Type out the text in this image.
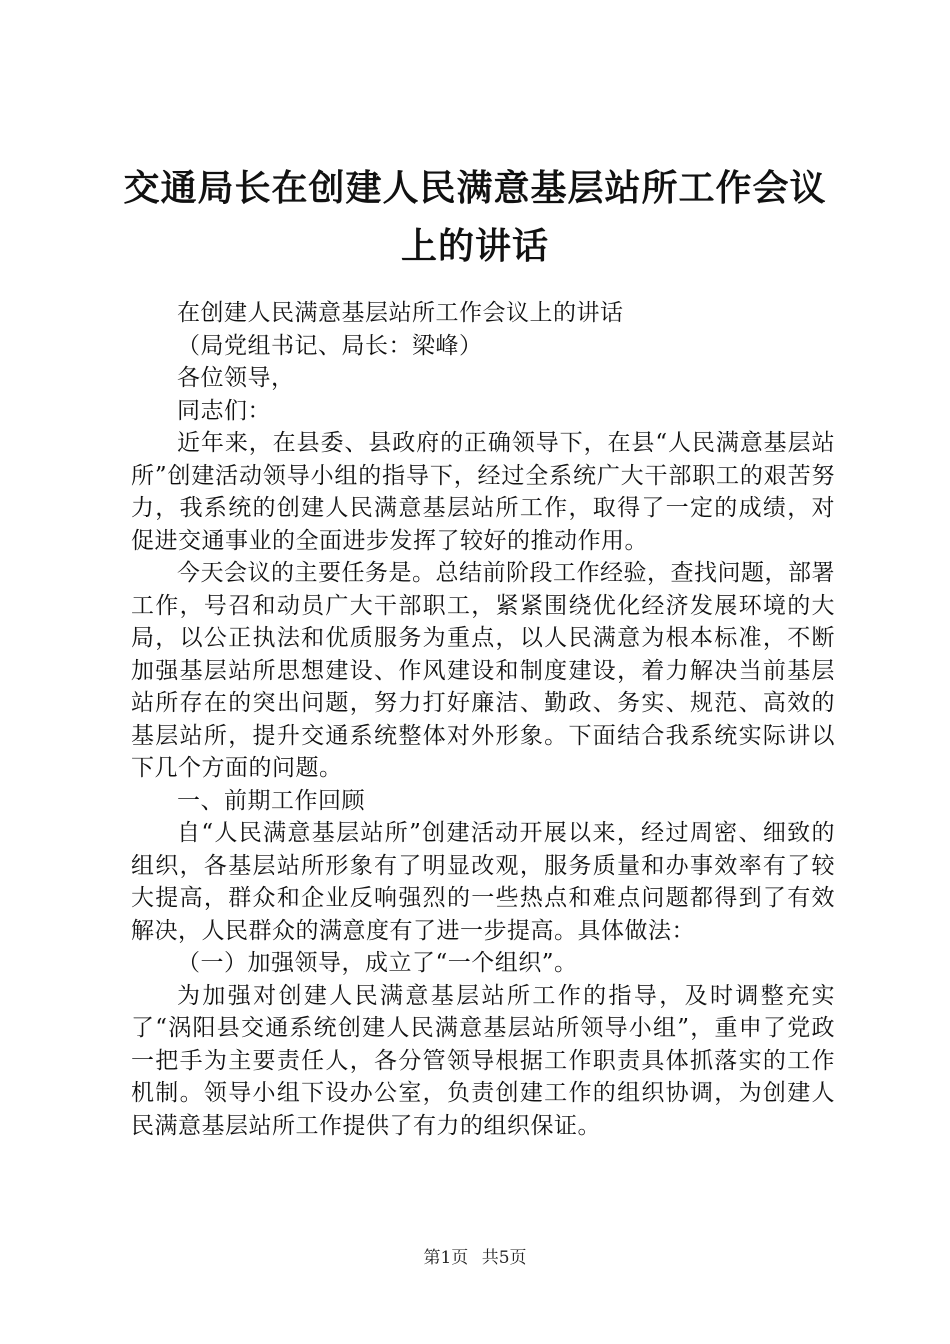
交通局长在创建人民满意基层站所工作会议上的讲话

在创建人民满意基层站所工作会议上的讲话

（局党组书记、局长：梁峰）

各位领导，

同志们：

近年来，在县委、县政府的正确领导下，在县“人民满意基层站所”创建活动领导小组的指导下，经过全系统广大干部职工的艰苦努力，我系统的创建人民满意基层站所工作，取得了一定的成绩，对促进交通事业的全面进步发挥了较好的推动作用。

今天会议的主要任务是。总结前阶段工作经验，查找问题，部署工作，号召和动员广大干部职工，紧紧围绕优化经济发展环境的大局，以公正执法和优质服务为重点，以人民满意为根本标准，不断加强基层站所思想建设、作风建设和制度建设，着力解决当前基层站所存在的突出问题，努力打好廉洁、勤政、务实、规范、高效的基层站所，提升交通系统整体对外形象。下面结合我系统实际讲以下几个方面的问题。

一、前期工作回顾

自“人民满意基层站所”创建活动开展以来，经过周密、细致的组织，各基层站所形象有了明显改观，服务质量和办事效率有了较大提高，群众和企业反响强烈的一些热点和难点问题都得到了有效解决，人民群众的满意度有了进一步提高。具体做法：

（一）加强领导，成立了“一个组织”。

为加强对创建人民满意基层站所工作的指导，及时调整充实了“涡阳县交通系统创建人民满意基层站所领导小组”，重申了党政一把手为主要责任人，各分管领导根据工作职责具体抓落实的工作机制。领导小组下设办公室，负责创建工作的组织协调，为创建人民满意基层站所工作提供了有力的组织保证。

第1页 共5页
